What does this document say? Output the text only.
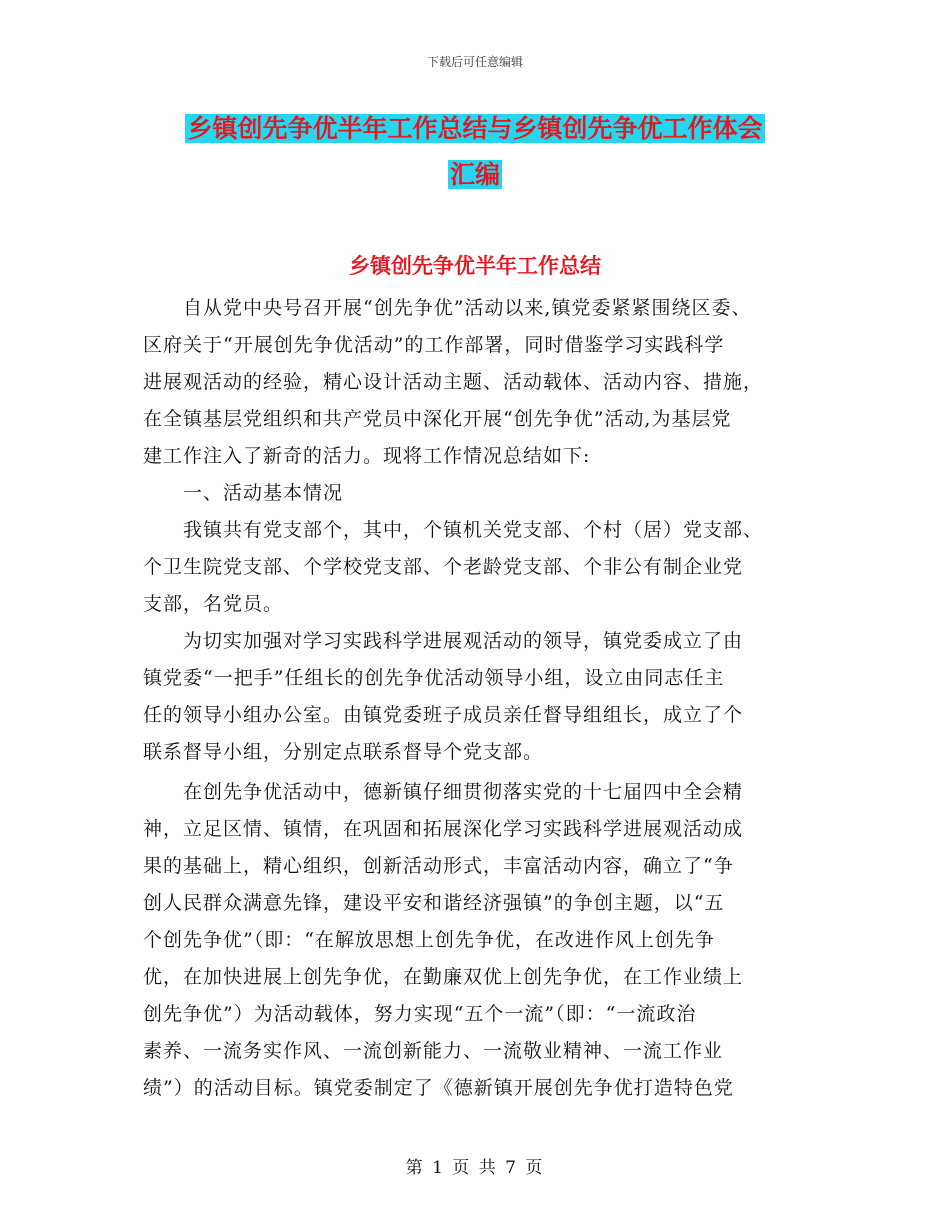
下载后可任意编辑
乡镇创先争优半年工作总结与乡镇创先争优工作体会
汇编
乡镇创先争优半年工作总结
　　自从党中央号召开展“创先争优”活动以来,镇党委紧紧围绕区委、
区府关于“开展创先争优活动”的工作部署，同时借鉴学习实践科学
进展观活动的经验，精心设计活动主题、活动载体、活动内容、措施，
在全镇基层党组织和共产党员中深化开展“创先争优”活动,为基层党
建工作注入了新奇的活力。现将工作情况总结如下:
　　一、活动基本情况
　　我镇共有党支部个，其中，个镇机关党支部、个村（居）党支部、
个卫生院党支部、个学校党支部、个老龄党支部、个非公有制企业党
支部，名党员。
　　为切实加强对学习实践科学进展观活动的领导，镇党委成立了由
镇党委“一把手”任组长的创先争优活动领导小组，设立由同志任主
任的领导小组办公室。由镇党委班子成员亲任督导组组长，成立了个
联系督导小组，分别定点联系督导个党支部。
　　在创先争优活动中，德新镇仔细贯彻落实党的十七届四中全会精
神，立足区情、镇情，在巩固和拓展深化学习实践科学进展观活动成
果的基础上，精心组织，创新活动形式，丰富活动内容，确立了“争
创人民群众满意先锋，建设平安和谐经济强镇”的争创主题，以“五
个创先争优”（即：“在解放思想上创先争优，在改进作风上创先争
优，在加快进展上创先争优，在勤廉双优上创先争优，在工作业绩上
创先争优”）为活动载体，努力实现“五个一流”（即：“一流政治
素养、一流务实作风、一流创新能力、一流敬业精神、一流工作业
绩”）的活动目标。镇党委制定了《德新镇开展创先争优打造特色党
第 1 页 共 7 页
